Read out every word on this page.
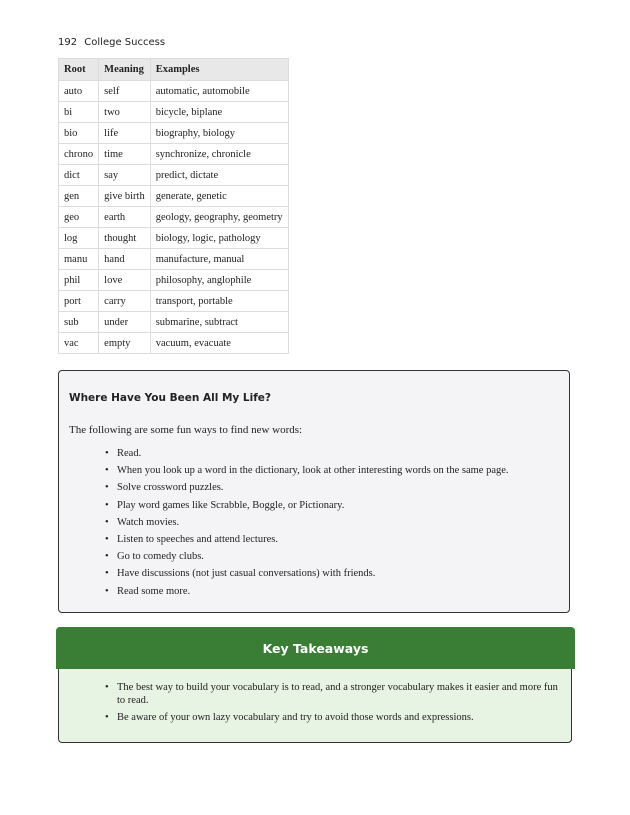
192 College Success
Root	Meaning	Examples
auto	self	automatic, automobile
bi	two	bicycle, biplane
bio	life	biography, biology
chrono	time	synchronize, chronicle
dict	say	predict, dictate
gen	give birth	generate, genetic
geo	earth	geology, geography, geometry
log	thought	biology, logic, pathology
manu	hand	manufacture, manual
phil	love	philosophy, anglophile
port	carry	transport, portable
sub	under	submarine, subtract
vac	empty	vacuum, evacuate
Where Have You Been All My Life?

The following are some fun ways to find new words:

• Read.
• When you look up a word in the dictionary, look at other interesting words on the same page.
• Solve crossword puzzles.
• Play word games like Scrabble, Boggle, or Pictionary.
• Watch movies.
• Listen to speeches and attend lectures.
• Go to comedy clubs.
• Have discussions (not just casual conversations) with friends.
• Read some more.
Key Takeaways
• The best way to build your vocabulary is to read, and a stronger vocabulary makes it easier and more fun to read.
• Be aware of your own lazy vocabulary and try to avoid those words and expressions.
